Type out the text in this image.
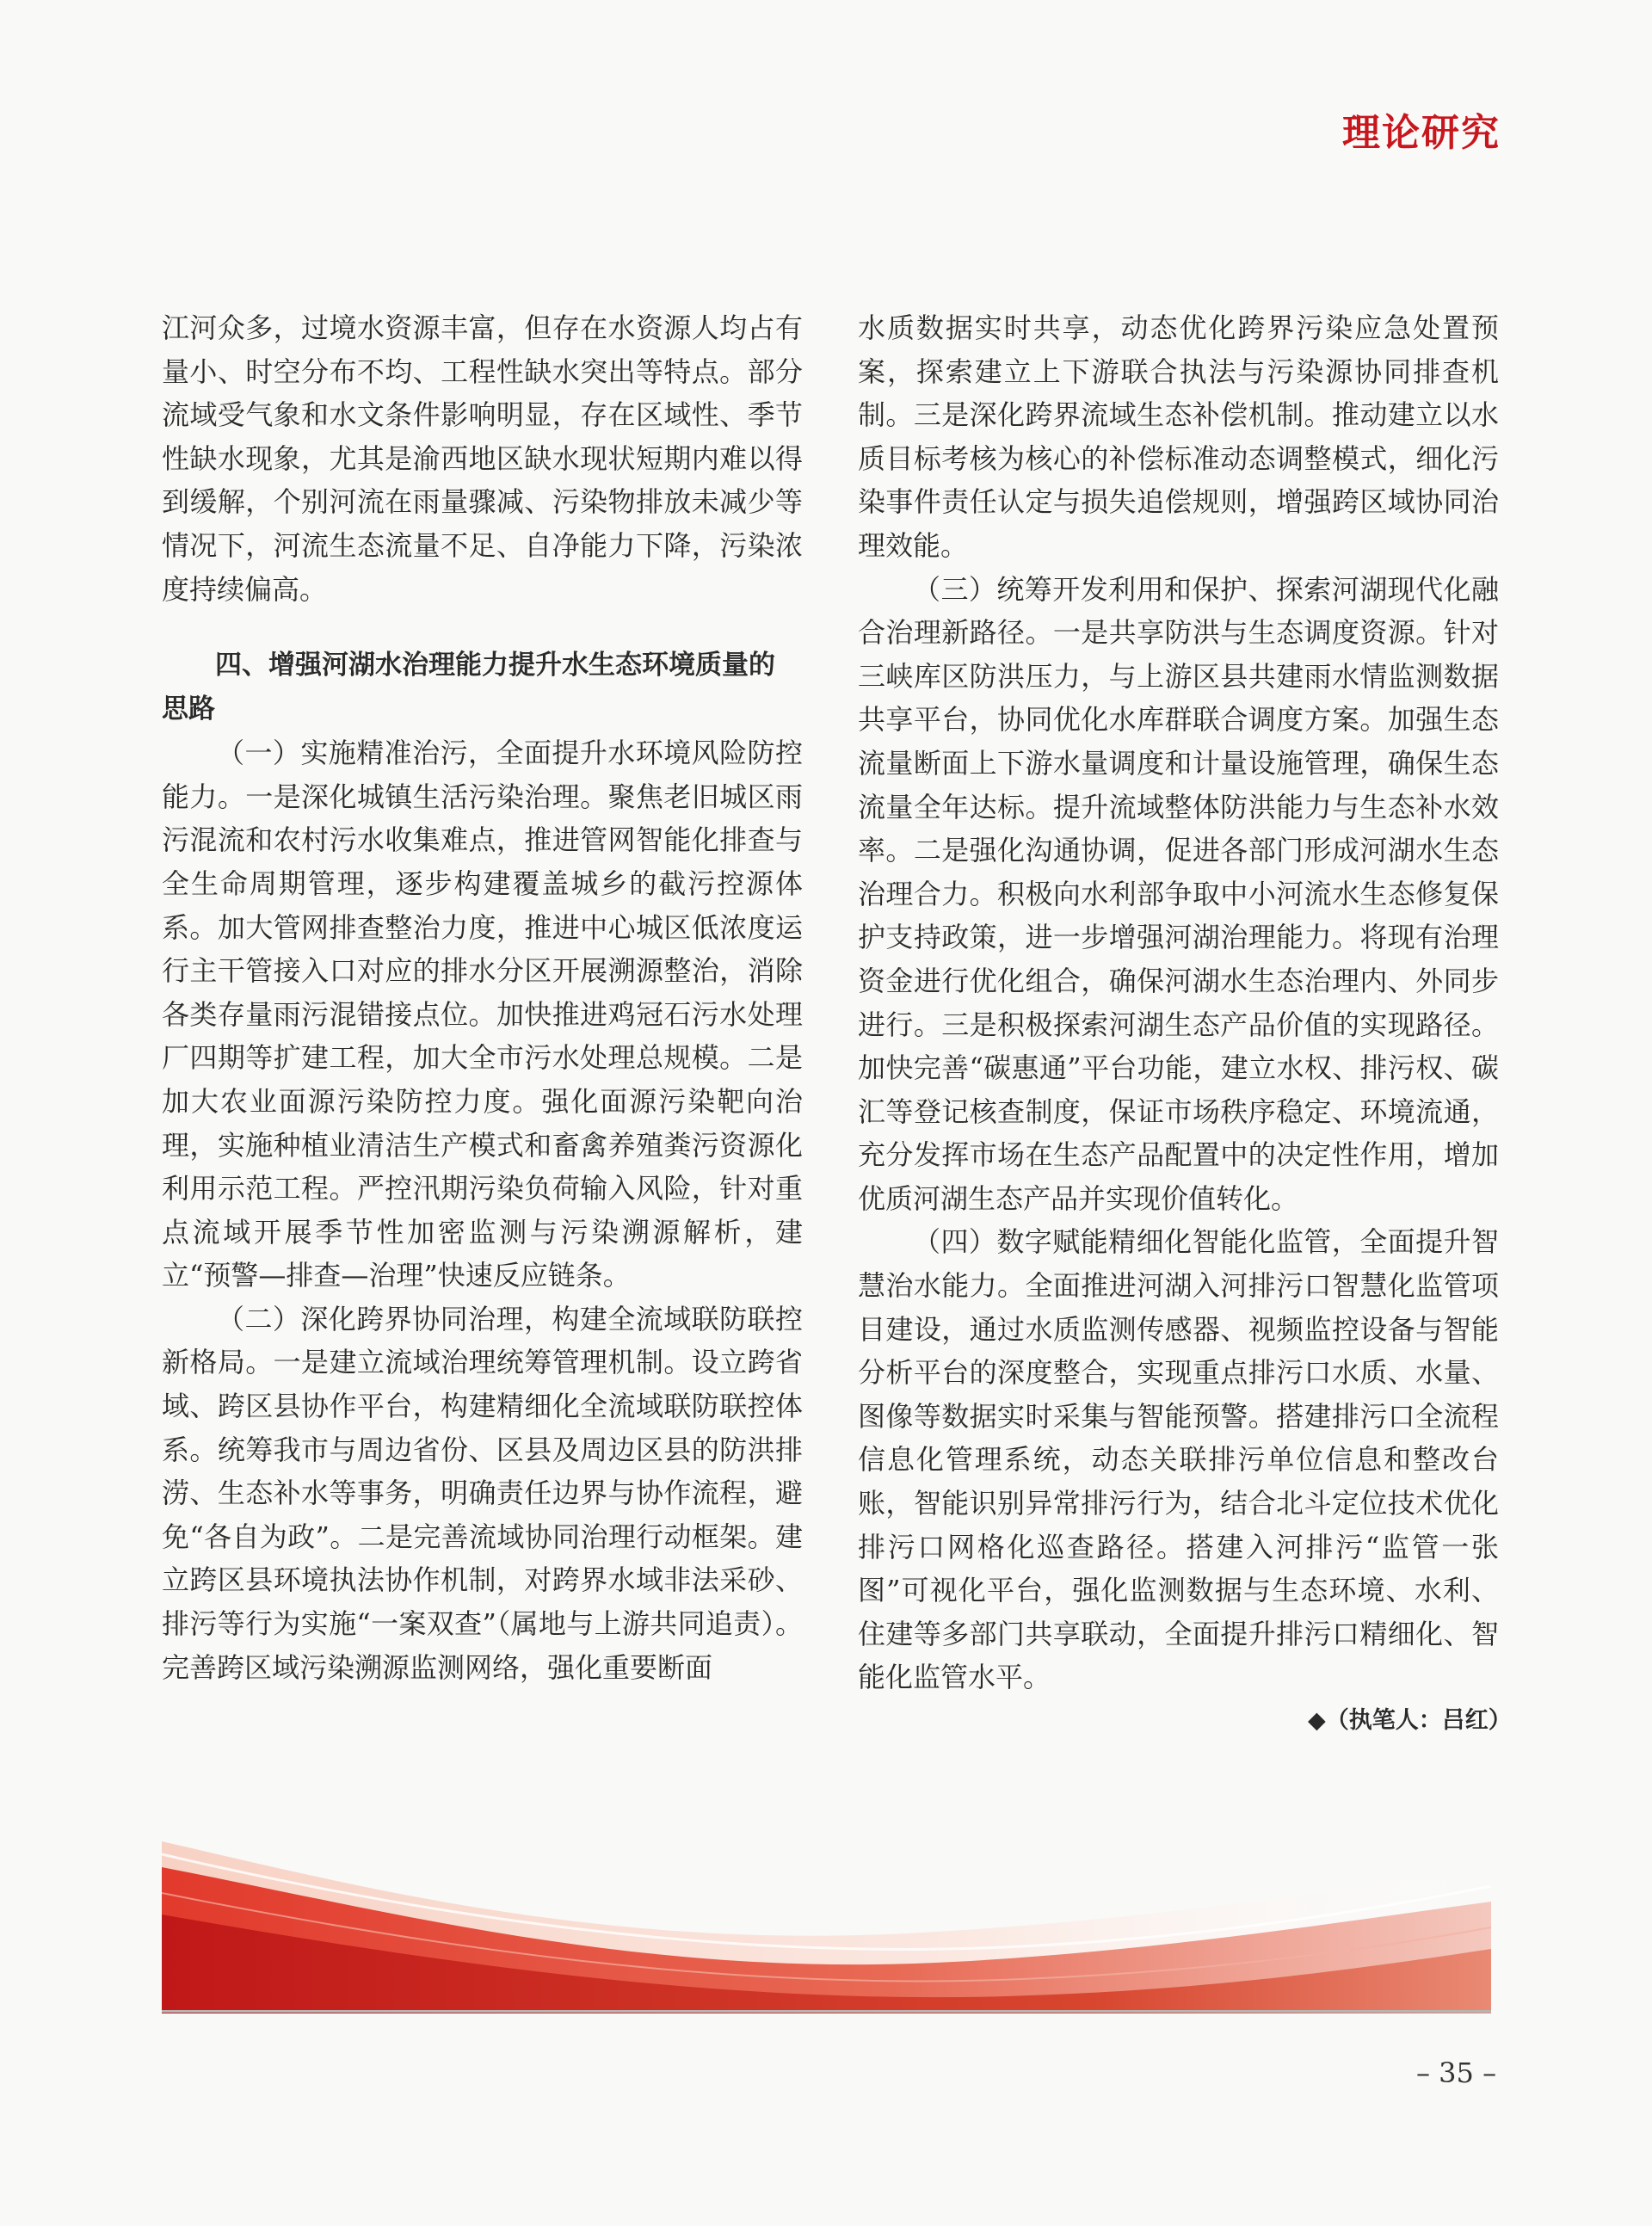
理论研究

江河众多，过境水资源丰富，但存在水资源人均占有量小、时空分布不均、工程性缺水突出等特点。部分流域受气象和水文条件影响明显，存在区域性、季节性缺水现象，尤其是渝西地区缺水现状短期内难以得到缓解，个别河流在雨量骤减、污染物排放未减少等情况下，河流生态流量不足、自净能力下降，污染浓度持续偏高。

四、增强河湖水治理能力提升水生态环境质量的
思路

（一）实施精准治污，全面提升水环境风险防控能力。一是深化城镇生活污染治理。聚焦老旧城区雨污混流和农村污水收集难点，推进管网智能化排查与全生命周期管理，逐步构建覆盖城乡的截污控源体系。加大管网排查整治力度，推进中心城区低浓度运行主干管接入口对应的排水分区开展溯源整治，消除各类存量雨污混错接点位。加快推进鸡冠石污水处理厂四期等扩建工程，加大全市污水处理总规模。二是加大农业面源污染防控力度。强化面源污染靶向治理，实施种植业清洁生产模式和畜禽养殖粪污资源化利用示范工程。严控汛期污染负荷输入风险，针对重点流域开展季节性加密监测与污染溯源解析，建立“预警—排查—治理”快速反应链条。

（二）深化跨界协同治理，构建全流域联防联控新格局。一是建立流域治理统筹管理机制。设立跨省域、跨区县协作平台，构建精细化全流域联防联控体系。统筹我市与周边省份、区县及周边区县的防洪排涝、生态补水等事务，明确责任边界与协作流程，避免“各自为政”。二是完善流域协同治理行动框架。建立跨区县环境执法协作机制，对跨界水域非法采砂、排污等行为实施“一案双查”（属地与上游共同追责）。完善跨区域污染溯源监测网络，强化重要断面

水质数据实时共享，动态优化跨界污染应急处置预案，探索建立上下游联合执法与污染源协同排查机制。三是深化跨界流域生态补偿机制。推动建立以水质目标考核为核心的补偿标准动态调整模式，细化污染事件责任认定与损失追偿规则，增强跨区域协同治理效能。

（三）统筹开发利用和保护、探索河湖现代化融合治理新路径。一是共享防洪与生态调度资源。针对三峡库区防洪压力，与上游区县共建雨水情监测数据共享平台，协同优化水库群联合调度方案。加强生态流量断面上下游水量调度和计量设施管理，确保生态流量全年达标。提升流域整体防洪能力与生态补水效率。二是强化沟通协调，促进各部门形成河湖水生态治理合力。积极向水利部争取中小河流水生态修复保护支持政策，进一步增强河湖治理能力。将现有治理资金进行优化组合，确保河湖水生态治理内、外同步进行。三是积极探索河湖生态产品价值的实现路径。加快完善“碳惠通”平台功能，建立水权、排污权、碳汇等登记核查制度，保证市场秩序稳定、环境流通，充分发挥市场在生态产品配置中的决定性作用，增加优质河湖生态产品并实现价值转化。

（四）数字赋能精细化智能化监管，全面提升智慧治水能力。全面推进河湖入河排污口智慧化监管项目建设，通过水质监测传感器、视频监控设备与智能分析平台的深度整合，实现重点排污口水质、水量、图像等数据实时采集与智能预警。搭建排污口全流程信息化管理系统，动态关联排污单位信息和整改台账，智能识别异常排污行为，结合北斗定位技术优化排污口网格化巡查路径。搭建入河排污“监管一张图”可视化平台，强化监测数据与生态环境、水利、住建等多部门共享联动，全面提升排污口精细化、智能化监管水平。

◆（执笔人：吕红）
– 35 –
